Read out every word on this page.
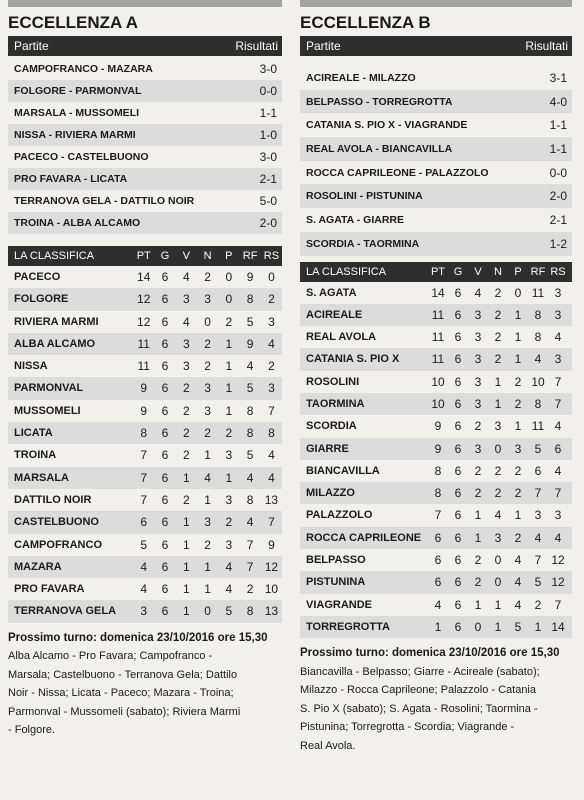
ECCELLENZA A
Partite	Risultati
CAMPOFRANCO - MAZARA	3-0
FOLGORE - PARMONVAL	0-0
MARSALA - MUSSOMELI	1-1
NISSA - RIVIERA MARMI	1-0
PACECO - CASTELBUONO	3-0
PRO FAVARA - LICATA	2-1
TERRANOVA GELA - DATTILO NOIR	5-0
TROINA - ALBA ALCAMO	2-0
LA CLASSIFICA	PT G	V	N	P RF RS
PACECO	14 6	4	2	0	9	0
FOLGORE	12 6	3	3	0	8	2
RIVIERA MARMI	12 6	4	0	2	5	3
ALBA ALCAMO	11 6	3	2	1	9	4
NISSA	11 6	3	2	1	4	2
PARMONVAL	9	6	2	3	1	5	3
MUSSOMELI	9	6	2	3	1	8	7
LICATA	8	6	2	2	2	8	8
TROINA	7	6	2	1	3	5	4
MARSALA	7	6	1	4	1	4	4
DATTILO NOIR	7	6	2	1	3	8 13
CASTELBUONO	6	6	1	3	2	4	7
CAMPOFRANCO	5	6	1	2	3	7	9
MAZARA	4	6	1	1	4	7 12
PRO FAVARA	4	6	1	1	4	2 10
TERRANOVA GELA	3	6	1	0	5	8 13
Prossimo turno: domenica 23/10/2016 ore 15,30
Alba Alcamo - Pro Favara; Campofranco -
Marsala; Castelbuono - Terranova Gela; Dattilo
Noir - Nissa; Licata - Paceco; Mazara - Troina;
Parmonval - Mussomeli (sabato); Riviera Marmi
- Folgore.
ECCELLENZA B
Partite	Risultati
ACIREALE - MILAZZO	3-1
BELPASSO - TORREGROTTA	4-0
CATANIA S. PIO X - VIAGRANDE	1-1
REAL AVOLA - BIANCAVILLA	1-1
ROCCA CAPRILEONE - PALAZZOLO	0-0
ROSOLINI - PISTUNINA	2-0
S. AGATA - GIARRE	2-1
SCORDIA - TAORMINA	1-2
LA CLASSIFICA	PT G	V	N	P RF RS
S. AGATA	14 6	4	2	0 11 3
ACIREALE	11 6	3	2	1	8	3
REAL AVOLA	11 6	3	2	1	8	4
CATANIA S. PIO X	11 6	3	2	1	4	3
ROSOLINI	10 6	3	1	2 10 7
TAORMINA	10 6	3	1	2	8	7
SCORDIA	9	6	2	3	1 11 4
GIARRE	9	6	3	0	3	5	6
BIANCAVILLA	8	6	2	2	2	6	4
MILAZZO	8	6	2	2	2	7	7
PALAZZOLO	7	6	1	4	1	3	3
ROCCA CAPRILEONE	6	6	1	3	2	4	4
BELPASSO	6	6	2	0	4	7 12
PISTUNINA	6	6	2	0	4	5 12
VIAGRANDE	4	6	1	1	4	2	7
TORREGROTTA	1	6	0	1	5	1 14
Prossimo turno: domenica 23/10/2016 ore 15,30
Biancavilla - Belpasso; Giarre - Acireale (sabato);
Milazzo - Rocca Caprileone; Palazzolo - Catania
S. Pio X (sabato); S. Agata - Rosolini; Taormina -
Pistunina; Torregrotta - Scordia; Viagrande -
Real Avola.
